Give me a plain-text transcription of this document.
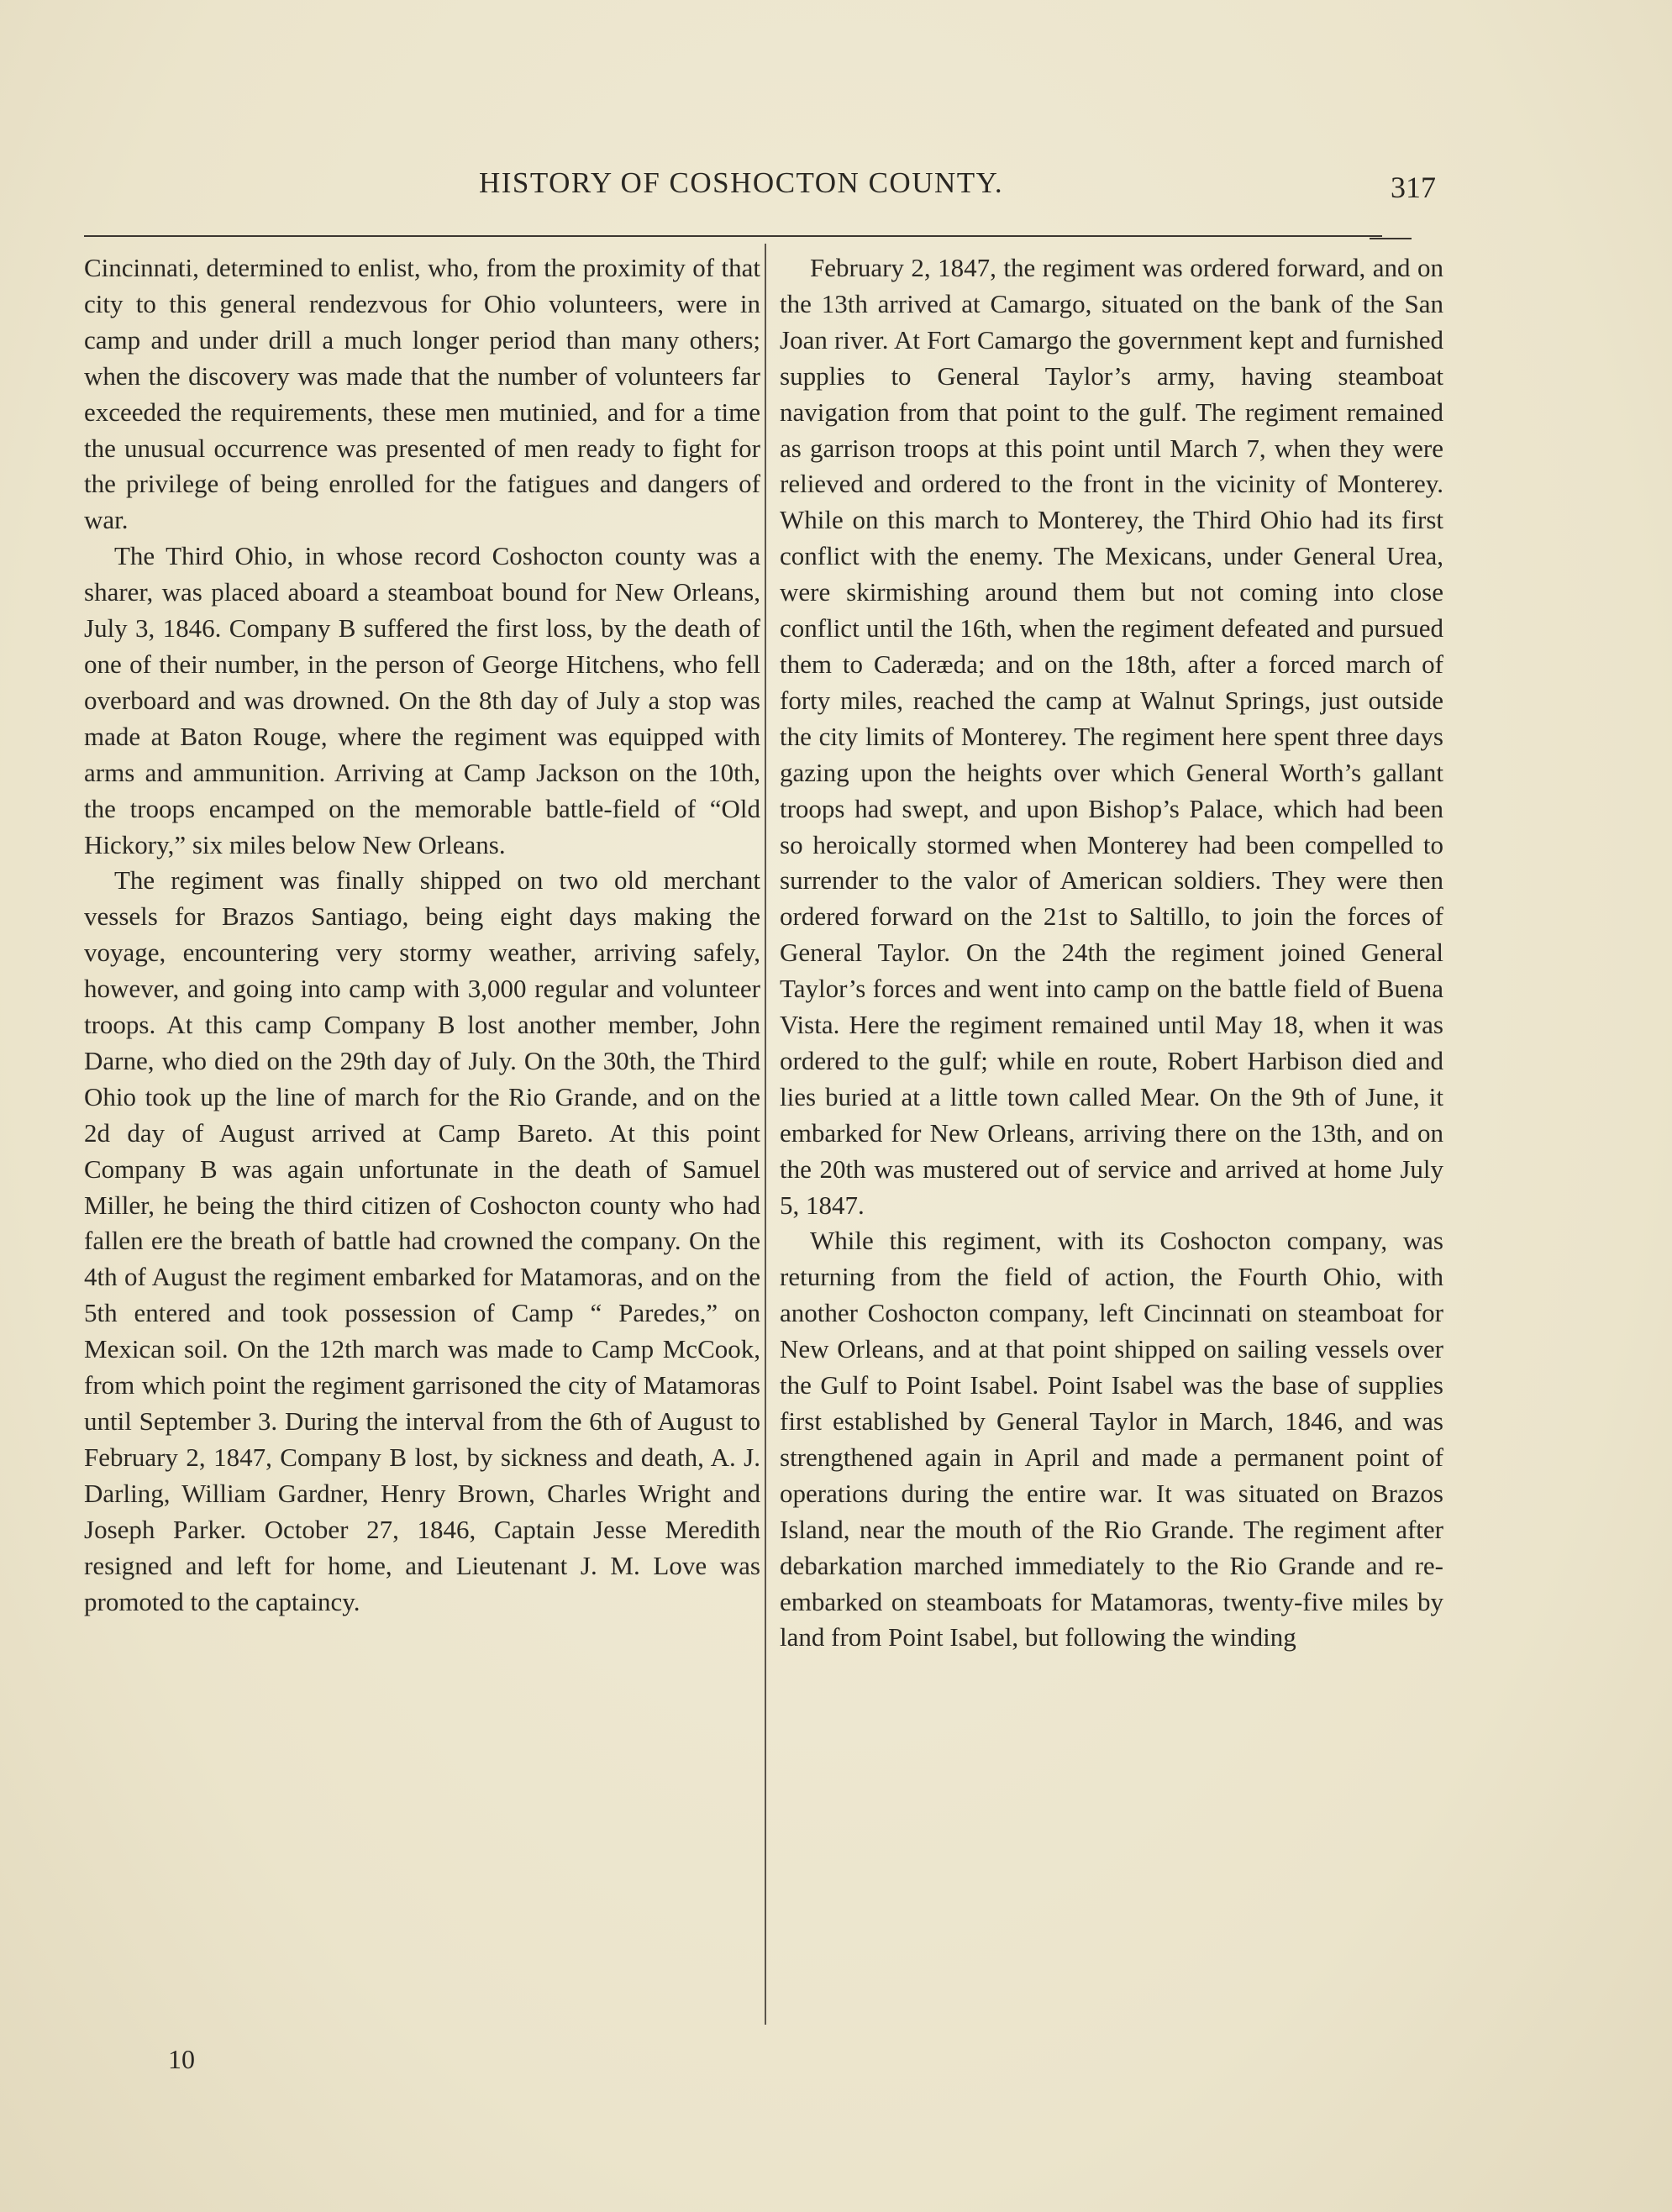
HISTORY OF COSHOCTON COUNTY.	317

Cincinnati, determined to enlist, who, from the proximity of that city to this general rendezvous for Ohio volunteers, were in camp and under drill a much longer period than many others; when the discovery was made that the number of volunteers far exceeded the requirements, these men mutinied, and for a time the unusual occurrence was presented of men ready to fight for the privilege of being enrolled for the fatigues and dangers of war.

The Third Ohio, in whose record Coshocton county was a sharer, was placed aboard a steamboat bound for New Orleans, July 3, 1846. Company B suffered the first loss, by the death of one of their number, in the person of George Hitchens, who fell overboard and was drowned. On the 8th day of July a stop was made at Baton Rouge, where the regiment was equipped with arms and ammunition. Arriving at Camp Jackson on the 10th, the troops encamped on the memorable battle-field of “Old Hickory,” six miles below New Orleans.

The regiment was finally shipped on two old merchant vessels for Brazos Santiago, being eight days making the voyage, encountering very stormy weather, arriving safely, however, and going into camp with 3,000 regular and volunteer troops. At this camp Company B lost another member, John Darne, who died on the 29th day of July. On the 30th, the Third Ohio took up the line of march for the Rio Grande, and on the 2d day of August arrived at Camp Bareto. At this point Company B was again unfortunate in the death of Samuel Miller, he being the third citizen of Coshocton county who had fallen ere the breath of battle had crowned the company. On the 4th of August the regiment embarked for Matamoras, and on the 5th entered and took possession of Camp “ Paredes,” on Mexican soil. On the 12th march was made to Camp McCook, from which point the regiment garrisoned the city of Matamoras until September 3. During the interval from the 6th of August to February 2, 1847, Company B lost, by sickness and death, A. J. Darling, William Gardner, Henry Brown, Charles Wright and Joseph Parker. October 27, 1846, Captain Jesse Meredith resigned and left for home, and Lieutenant J. M. Love was promoted to the captaincy.

February 2, 1847, the regiment was ordered forward, and on the 13th arrived at Camargo, situated on the bank of the San Joan river. At Fort Camargo the government kept and furnished supplies to General Taylor’s army, having steamboat navigation from that point to the gulf. The regiment remained as garrison troops at this point until March 7, when they were relieved and ordered to the front in the vicinity of Monterey. While on this march to Monterey, the Third Ohio had its first conflict with the enemy. The Mexicans, under General Urea, were skirmishing around them but not coming into close conflict until the 16th, when the regiment defeated and pursued them to Caderæda; and on the 18th, after a forced march of forty miles, reached the camp at Walnut Springs, just outside the city limits of Monterey. The regiment here spent three days gazing upon the heights over which General Worth’s gallant troops had swept, and upon Bishop’s Palace, which had been so heroically stormed when Monterey had been compelled to surrender to the valor of American soldiers. They were then ordered forward on the 21st to Saltillo, to join the forces of General Taylor. On the 24th the regiment joined General Taylor’s forces and went into camp on the battle field of Buena Vista. Here the regiment remained until May 18, when it was ordered to the gulf; while en route, Robert Harbison died and lies buried at a little town called Mear. On the 9th of June, it embarked for New Orleans, arriving there on the 13th, and on the 20th was mustered out of service and arrived at home July 5, 1847.

While this regiment, with its Coshocton company, was returning from the field of action, the Fourth Ohio, with another Coshocton company, left Cincinnati on steamboat for New Orleans, and at that point shipped on sailing vessels over the Gulf to Point Isabel. Point Isabel was the base of supplies first established by General Taylor in March, 1846, and was strengthened again in April and made a permanent point of operations during the entire war. It was situated on Brazos Island, near the mouth of the Rio Grande. The regiment after debarkation marched immediately to the Rio Grande and re-embarked on steamboats for Matamoras, twenty-five miles by land from Point Isabel, but following the winding

10
